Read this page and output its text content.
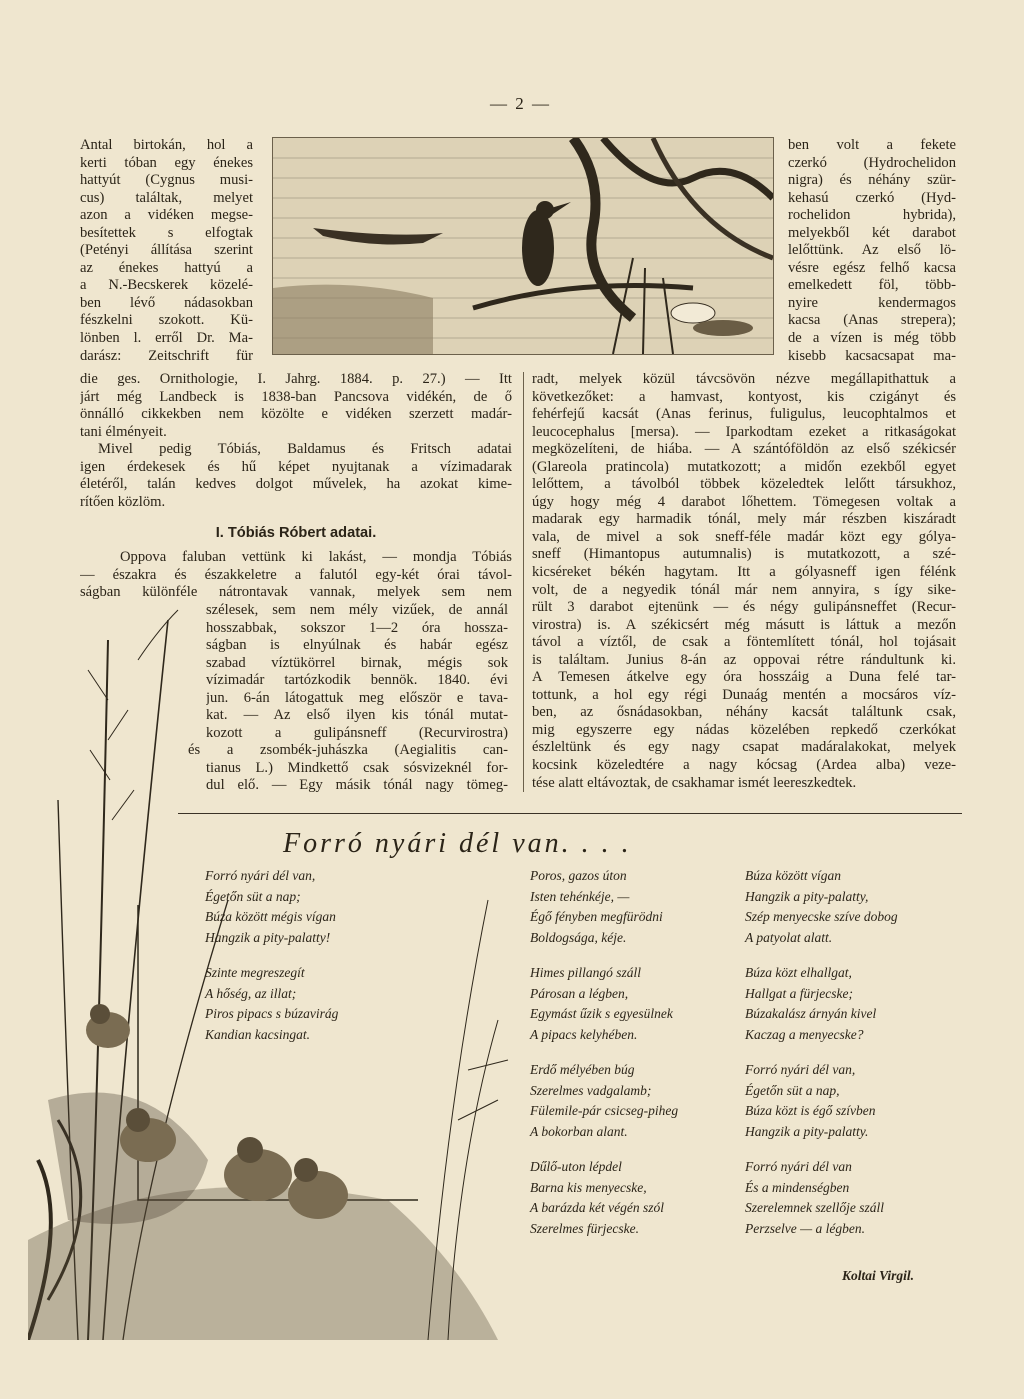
— 2 —
Antal birtokán, hol a
kerti tóban egy énekes
hattyút (Cygnus musi-
cus) találtak, melyet
azon a vidéken megse-
besítettek s elfogtak
(Petényi állítása szerint
az énekes hattyú a
a N.-Becskerek közelé-
ben lévő nádasokban
fészkelni szokott. Kü-
lönben l. erről Dr. Ma-
darász: Zeitschrift für
die ges. Ornithologie, I. Jahrg. 1884. p. 27.) — Itt
járt még Landbeck is 1838-ban Pancsova vidékén, de ő
önnálló cikkekben nem közölte e vidéken szerzett madár-
tani élményeit.
Mivel pedig Tóbiás, Baldamus és Fritsch adatai
igen érdekesek és hű képet nyujtanak a vízimadarak
életéről, talán kedves dolgot művelek, ha azokat kime-
rítően közlöm.
I. Tóbiás Róbert adatai.
Oppova faluban vettünk ki lakást, — mondja Tóbiás
— északra és északkeletre a falutól egy-két órai távol-
ságban különféle nátrontavak vannak, melyek sem nem
szélesek, sem nem mély vizűek, de annál
hosszabbak, sokszor 1—2 óra hossza-
ságban is elnyúlnak és habár egész
szabad víztükörrel birnak, mégis sok
vízimadár tartózkodik bennök. 1840. évi
jun. 6-án látogattuk meg először e tava-
kat. — Az első ilyen kis tónál mutat-
kozott a gulipánsneff (Recurvirostra)
és a zsombék-juhászka (Aegialitis can-
tianus L.) Mindkettő csak sósvizeknél for-
dul elő. — Egy másik tónál nagy tömeg-
ben volt a fekete
czerkó (Hydrochelidon
nigra) és néhány szür-
kehasú czerkó (Hyd-
rochelidon hybrida),
melyekből két darabot
lelőttünk. Az első lö-
vésre egész felhő kacsa
emelkedett föl, több-
nyire kendermagos
kacsa (Anas strepera);
de a vízen is még több
kisebb kacsacsapat ma-
radt, melyek közül távcsövön nézve megállapithattuk a
következőket: a hamvast, kontyost, kis czigányt és
fehérfejű kacsát (Anas ferinus, fuligulus, leucophtalmos et
leucocephalus [mersa). — Iparkodtam ezeket a ritkaságokat
megközelíteni, de hiába. — A szántóföldön az első székicsér
(Glareola pratincola) mutatkozott; a midőn ezekből egyet
lelőttem, a távolból többek közeledtek lelőtt társukhoz,
úgy hogy még 4 darabot lőhettem. Tömegesen voltak a
madarak egy harmadik tónál, mely már részben kiszáradt
vala, de mivel a sok sneff-féle madár közt egy gólya-
sneff (Himantopus autumnalis) is mutatkozott, a szé-
kicséreket békén hagytam. Itt a gólyasneff igen félénk
volt, de a negyedik tónál már nem annyira, s így sike-
rült 3 darabot ejtenünk — és négy gulipánsneffet (Recur-
virostra) is. A székicsért még másutt is láttuk a mezőn
távol a víztől, de csak a föntemlített tónál, hol tojásait
is találtam. Junius 8-án az oppovai rétre rándultunk ki.
A Temesen átkelve egy óra hosszáig a Duna felé tar-
tottunk, a hol egy régi Dunaág mentén a mocsáros víz-
ben, az ősnádasokban, néhány kacsát találtunk csak,
mig egyszerre egy nádas közelében repkedő czerkókat
észleltünk és egy nagy csapat madáralakokat, melyek
kocsink közeledtére a nagy kócsag (Ardea alba) veze-
tése alatt eltávoztak, de csakhamar ismét leereszkedtek.
Forró nyári dél van. . . .
Forró nyári dél van,
Égetőn süt a nap;
Búza között mégis vígan
Hangzik a pity-palatty!
Szinte megreszegít
A hőség, az illat;
Piros pipacs s búzavirág
Kandian kacsingat.
Poros, gazos úton
Isten tehénkéje, —
Égő fényben megfürödni
Boldogsága, kéje.
Himes pillangó száll
Párosan a légben,
Egymást űzik s egyesülnek
A pipacs kelyhében.
Erdő mélyében búg
Szerelmes vadgalamb;
Fülemile-pár csicseg-piheg
A bokorban alant.
Dűlő-uton lépdel
Barna kis menyecske,
A barázda két végén szól
Szerelmes fürjecske.
Búza között vígan
Hangzik a pity-palatty,
Szép menyecske szíve dobog
A patyolat alatt.
Búza közt elhallgat,
Hallgat a fürjecske;
Búzakalász árnyán kivel
Kaczag a menyecske?
Forró nyári dél van,
Égetőn süt a nap,
Búza közt is égő szívben
Hangzik a pity-palatty.
Forró nyári dél van
És a mindenségben
Szerelemnek szellője száll
Perzselve — a légben.
Koltai Virgil.
